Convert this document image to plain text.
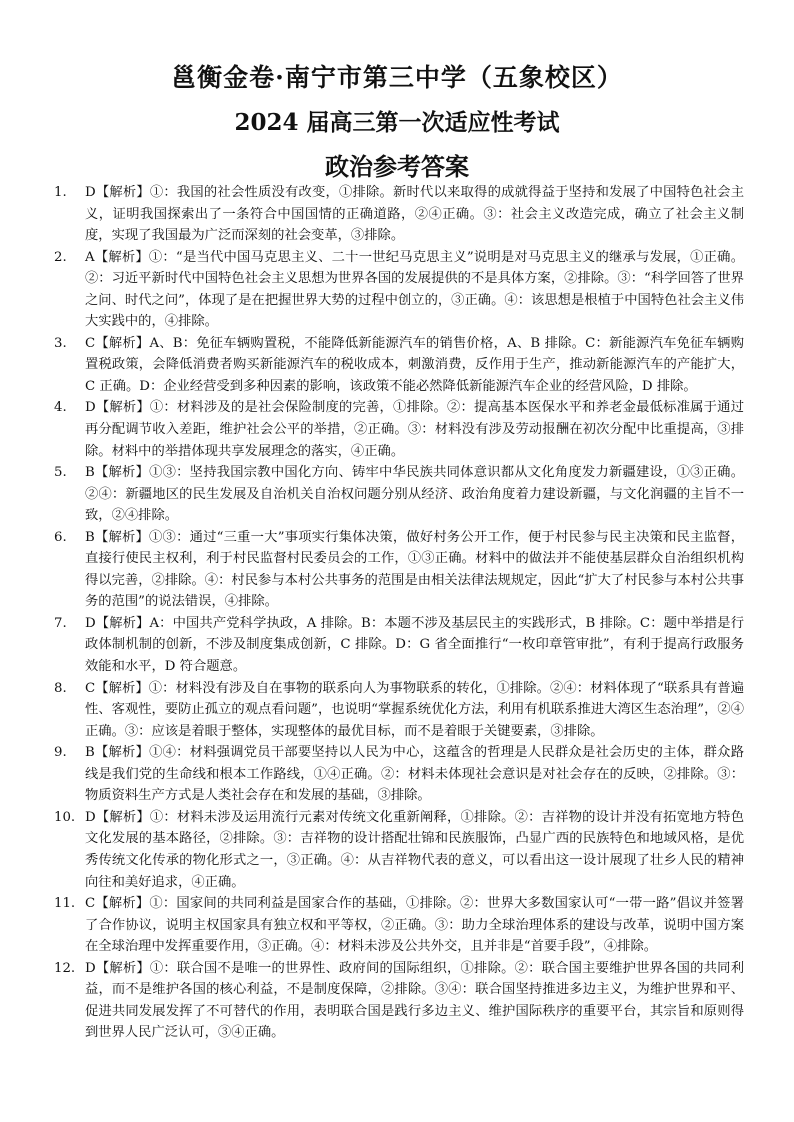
邕衡金卷·南宁市第三中学（五象校区）
2024 届高三第一次适应性考试
政治参考答案
1.	D【解析】①：我国的社会性质没有改变，①排除。新时代以来取得的成就得益于坚持和发展了中国特色社会主义，证明我国探索出了一条符合中国国情的正确道路，②④正确。③：社会主义改造完成，确立了社会主义制度，实现了我国最为广泛而深刻的社会变革，③排除。
2.	A【解析】①：“是当代中国马克思主义、二十一世纪马克思主义”说明是对马克思主义的继承与发展，①正确。②：习近平新时代中国特色社会主义思想为世界各国的发展提供的不是具体方案，②排除。③：“科学回答了世界之问、时代之问”，体现了是在把握世界大势的过程中创立的，③正确。④：该思想是根植于中国特色社会主义伟大实践中的，④排除。
3.	C【解析】A、B：免征车辆购置税，不能降低新能源汽车的销售价格，A、B 排除。C：新能源汽车免征车辆购置税政策，会降低消费者购买新能源汽车的税收成本，刺激消费，反作用于生产，推动新能源汽车的产能扩大，C 正确。D：企业经营受到多种因素的影响，该政策不能必然降低新能源汽车企业的经营风险，D 排除。
4.	D【解析】①：材料涉及的是社会保险制度的完善，①排除。②：提高基本医保水平和养老金最低标准属于通过再分配调节收入差距，维护社会公平的举措，②正确。③：材料没有涉及劳动报酬在初次分配中比重提高，③排除。材料中的举措体现共享发展理念的落实，④正确。
5.	B【解析】①③：坚持我国宗教中国化方向、铸牢中华民族共同体意识都从文化角度发力新疆建设，①③正确。②④：新疆地区的民生发展及自治机关自治权问题分别从经济、政治角度着力建设新疆，与文化润疆的主旨不一致，②④排除。
6.	B【解析】①③：通过“三重一大”事项实行集体决策，做好村务公开工作，便于村民参与民主决策和民主监督，直接行使民主权利，利于村民监督村民委员会的工作，①③正确。材料中的做法并不能使基层群众自治组织机构得以完善，②排除。④：村民参与本村公共事务的范围是由相关法律法规规定，因此“扩大了村民参与本村公共事务的范围”的说法错误，④排除。
7.	D【解析】A：中国共产党科学执政，A 排除。B：本题不涉及基层民主的实践形式，B 排除。C：题中举措是行政体制机制的创新，不涉及制度集成创新，C 排除。D：G 省全面推行“一枚印章管审批”，有利于提高行政服务效能和水平，D 符合题意。
8.	C【解析】①：材料没有涉及自在事物的联系向人为事物联系的转化，①排除。②④：材料体现了“联系具有普遍性、客观性，要防止孤立的观点看问题”，也说明“掌握系统优化方法，利用有机联系推进大湾区生态治理”，②④正确。③：应该是着眼于整体，实现整体的最优目标，而不是着眼于关键要素，③排除。
9.	B【解析】①④：材料强调党员干部要坚持以人民为中心，这蕴含的哲理是人民群众是社会历史的主体，群众路线是我们党的生命线和根本工作路线，①④正确。②：材料未体现社会意识是对社会存在的反映，②排除。③：物质资料生产方式是人类社会存在和发展的基础，③排除。
10. D【解析】①：材料未涉及运用流行元素对传统文化重新阐释，①排除。②：吉祥物的设计并没有拓宽地方特色文化发展的基本路径，②排除。③：吉祥物的设计搭配壮锦和民族服饰，凸显广西的民族特色和地域风格，是优秀传统文化传承的物化形式之一，③正确。④：从吉祥物代表的意义，可以看出这一设计展现了壮乡人民的精神向往和美好追求，④正确。
11. C【解析】①：国家间的共同利益是国家合作的基础，①排除。②：世界大多数国家认可“一带一路”倡议并签署了合作协议，说明主权国家具有独立权和平等权，②正确。③：助力全球治理体系的建设与改革，说明中国方案在全球治理中发挥重要作用，③正确。④：材料未涉及公共外交，且并非是“首要手段”，④排除。
12. D【解析】①：联合国不是唯一的世界性、政府间的国际组织，①排除。②：联合国主要维护世界各国的共同利益，而不是维护各国的核心利益，不是制度保障，②排除。③④：联合国坚持推进多边主义，为维护世界和平、促进共同发展发挥了不可替代的作用，表明联合国是践行多边主义、维护国际秩序的重要平台，其宗旨和原则得到世界人民广泛认可，③④正确。
